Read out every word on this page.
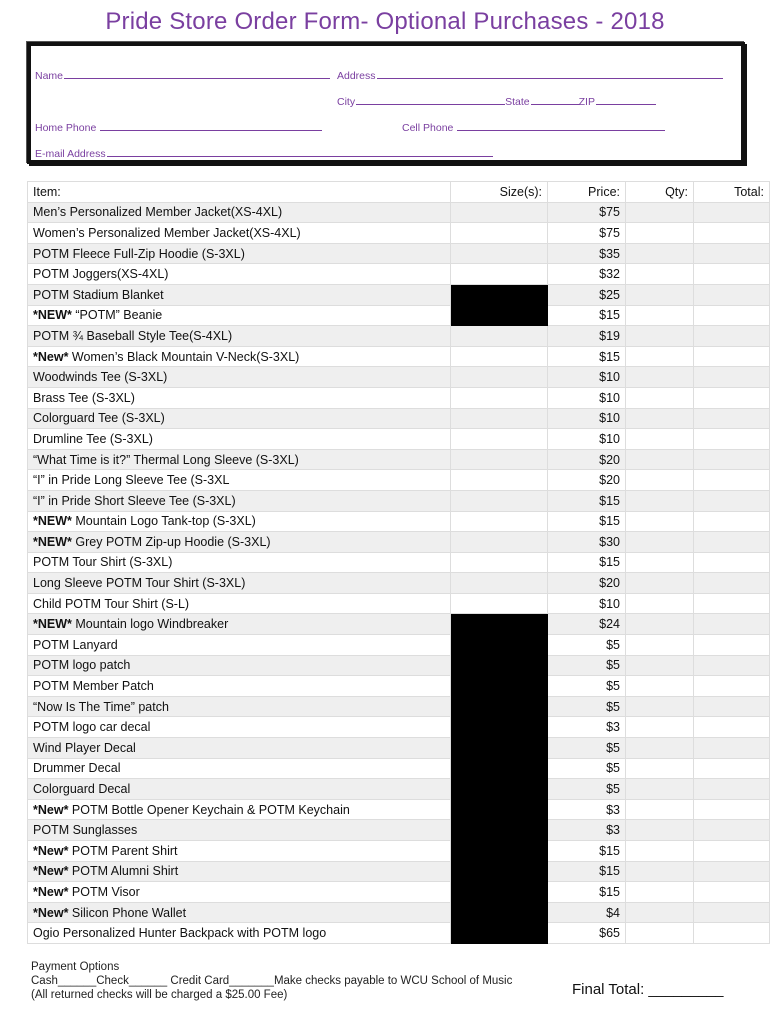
Pride Store Order Form- Optional Purchases - 2018
Name	Address
City	State	ZIP
Home Phone	Cell Phone
E-mail Address
Item:	Size(s):	Price:	Qty:	Total:
Men’s Personalized Member Jacket(XS-4XL)		$75		
Women’s Personalized Member Jacket(XS-4XL)		$75		
POTM Fleece Full-Zip Hoodie (S-3XL)		$35		
POTM Joggers(XS-4XL)		$32		
POTM Stadium Blanket		$25		
*NEW* “POTM” Beanie		$15		
POTM ¾ Baseball Style Tee(S-4XL)		$19		
*New* Women’s Black Mountain V-Neck(S-3XL)		$15		
Woodwinds Tee (S-3XL)		$10		
Brass Tee (S-3XL)		$10		
Colorguard Tee (S-3XL)		$10		
Drumline Tee (S-3XL)		$10		
“What Time is it?” Thermal Long Sleeve (S-3XL)		$20		
“I” in Pride Long Sleeve Tee (S-3XL		$20		
“I” in Pride Short Sleeve Tee (S-3XL)		$15		
*NEW* Mountain Logo Tank-top (S-3XL)		$15		
*NEW* Grey POTM Zip-up Hoodie (S-3XL)		$30		
POTM Tour Shirt (S-3XL)		$15		
Long Sleeve POTM Tour Shirt (S-3XL)		$20		
Child POTM Tour Shirt (S-L)		$10		
*NEW* Mountain logo Windbreaker		$24		
POTM Lanyard		$5		
POTM logo patch		$5		
POTM Member Patch		$5		
“Now Is The Time” patch		$5		
POTM logo car decal		$3		
Wind Player Decal		$5		
Drummer Decal		$5		
Colorguard Decal		$5		
*New* POTM Bottle Opener Keychain & POTM Keychain		$3		
POTM Sunglasses		$3		
*New* POTM Parent Shirt		$15		
*New* POTM Alumni Shirt		$15		
*New* POTM Visor		$15		
*New* Silicon Phone Wallet		$4		
Ogio Personalized Hunter Backpack with POTM logo		$65		
Payment Options
Cash______Check______ Credit Card_______Make checks payable to WCU School of Music
(All returned checks will be charged a $25.00 Fee)	Final Total: _________
